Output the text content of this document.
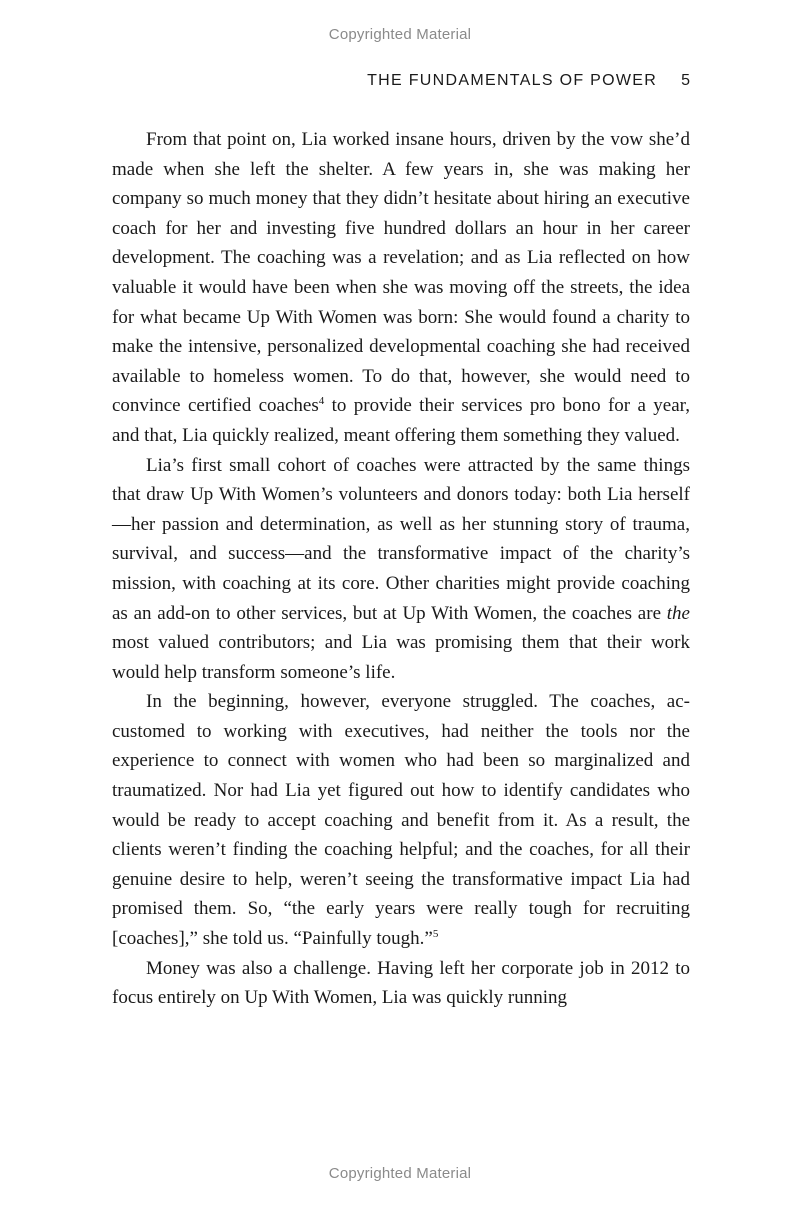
Copyrighted Material
THE FUNDAMENTALS OF POWER 5

From that point on, Lia worked insane hours, driven by the vow she’d made when she left the shelter. A few years in, she was making her company so much money that they didn’t hesitate about hiring an executive coach for her and investing five hundred dollars an hour in her career development. The coaching was a revelation; and as Lia reflected on how valuable it would have been when she was moving off the streets, the idea for what became Up With Women was born: She would found a charity to make the intensive, personalized developmental coaching she had received available to homeless women. To do that, however, she would need to convince certified coaches$^4$ to provide their services pro bono for a year, and that, Lia quickly realized, meant offering them something they valued.

Lia’s first small cohort of coaches were attracted by the same things that draw Up With Women’s volunteers and donors today: both Lia herself—her passion and determination, as well as her stunning story of trauma, survival, and success—and the transformative impact of the charity’s mission, with coaching at its core. Other charities might provide coaching as an add-on to other services, but at Up With Women, the coaches are the most valued contributors; and Lia was promising them that their work would help transform someone’s life.

In the beginning, however, everyone struggled. The coaches, accustomed to working with executives, had neither the tools nor the experience to connect with women who had been so marginalized and traumatized. Nor had Lia yet figured out how to identify candidates who would be ready to accept coaching and benefit from it. As a result, the clients weren’t finding the coaching helpful; and the coaches, for all their genuine desire to help, weren’t seeing the transformative impact Lia had promised them. So, “the early years were really tough for recruiting [coaches],” she told us. “Painfully tough.”$^5$

Money was also a challenge. Having left her corporate job in 2012 to focus entirely on Up With Women, Lia was quickly running

Copyrighted Material
